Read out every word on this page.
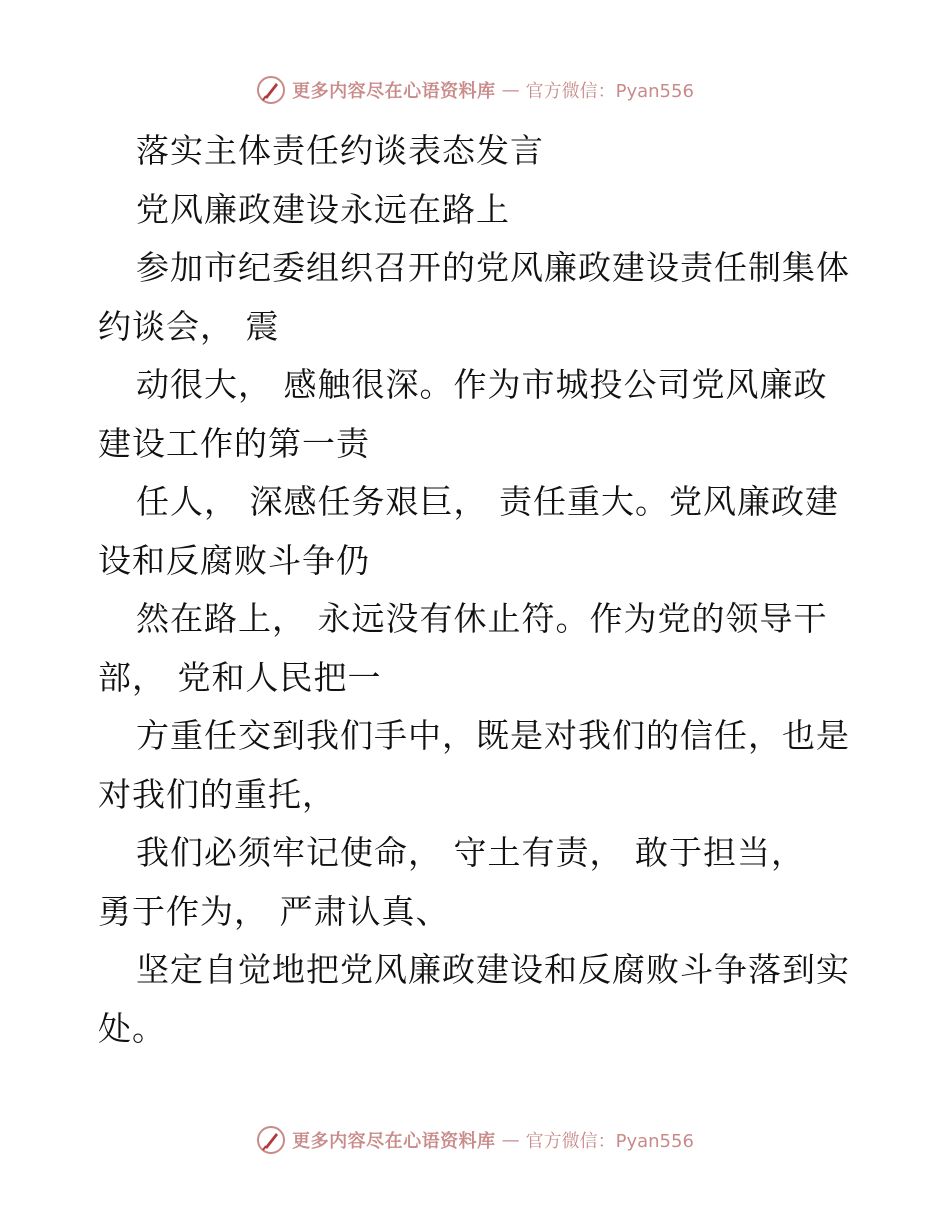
更多内容尽在心语资料库 — 官方微信：Pyan556
落实主体责任约谈表态发言
党风廉政建设永远在路上
参加市纪委组织召开的党风廉政建设责任制集体
约谈会， 震
动很大， 感触很深。作为市城投公司党风廉政
建设工作的第一责
任人， 深感任务艰巨， 责任重大。党风廉政建
设和反腐败斗争仍
然在路上， 永远没有休止符。作为党的领导干
部， 党和人民把一
方重任交到我们手中，既是对我们的信任，也是
对我们的重托，
我们必须牢记使命， 守土有责， 敢于担当，
勇于作为， 严肃认真、
坚定自觉地把党风廉政建设和反腐败斗争落到实
处。
更多内容尽在心语资料库 — 官方微信：Pyan556
